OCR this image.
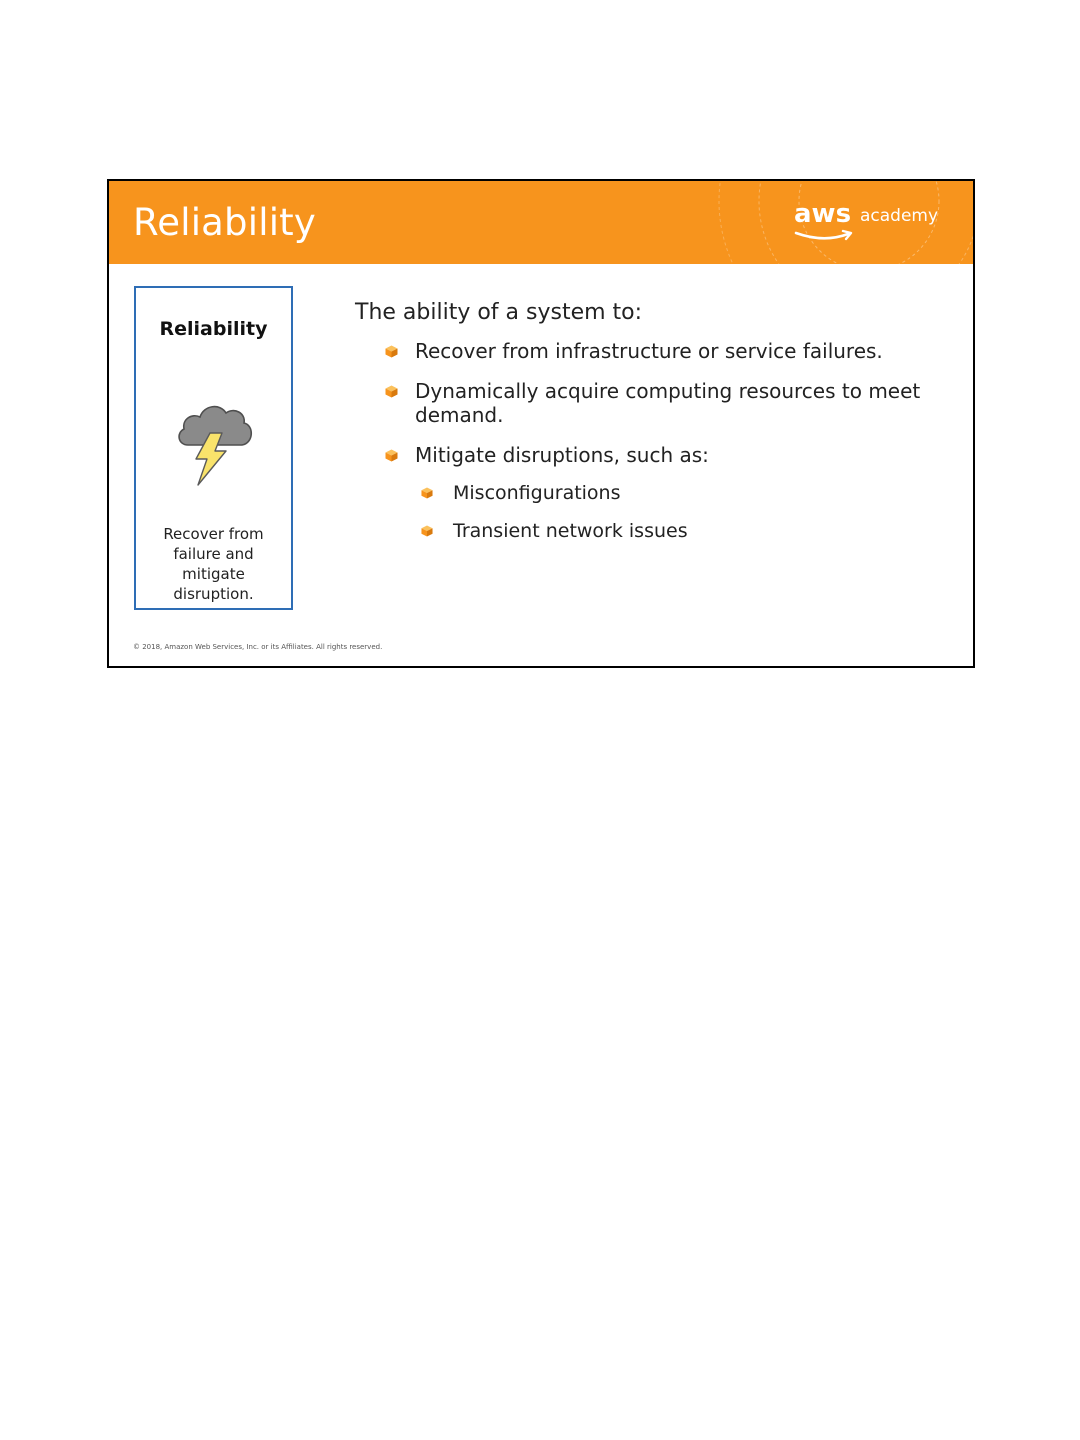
Reliability	aws academy
Reliability
Recover from failure and mitigate disruption.
The ability of a system to:
Recover from infrastructure or service failures.
Dynamically acquire computing resources to meet demand.
Mitigate disruptions, such as:
Misconfigurations
Transient network issues
© 2018, Amazon Web Services, Inc. or its Affiliates. All rights reserved.
